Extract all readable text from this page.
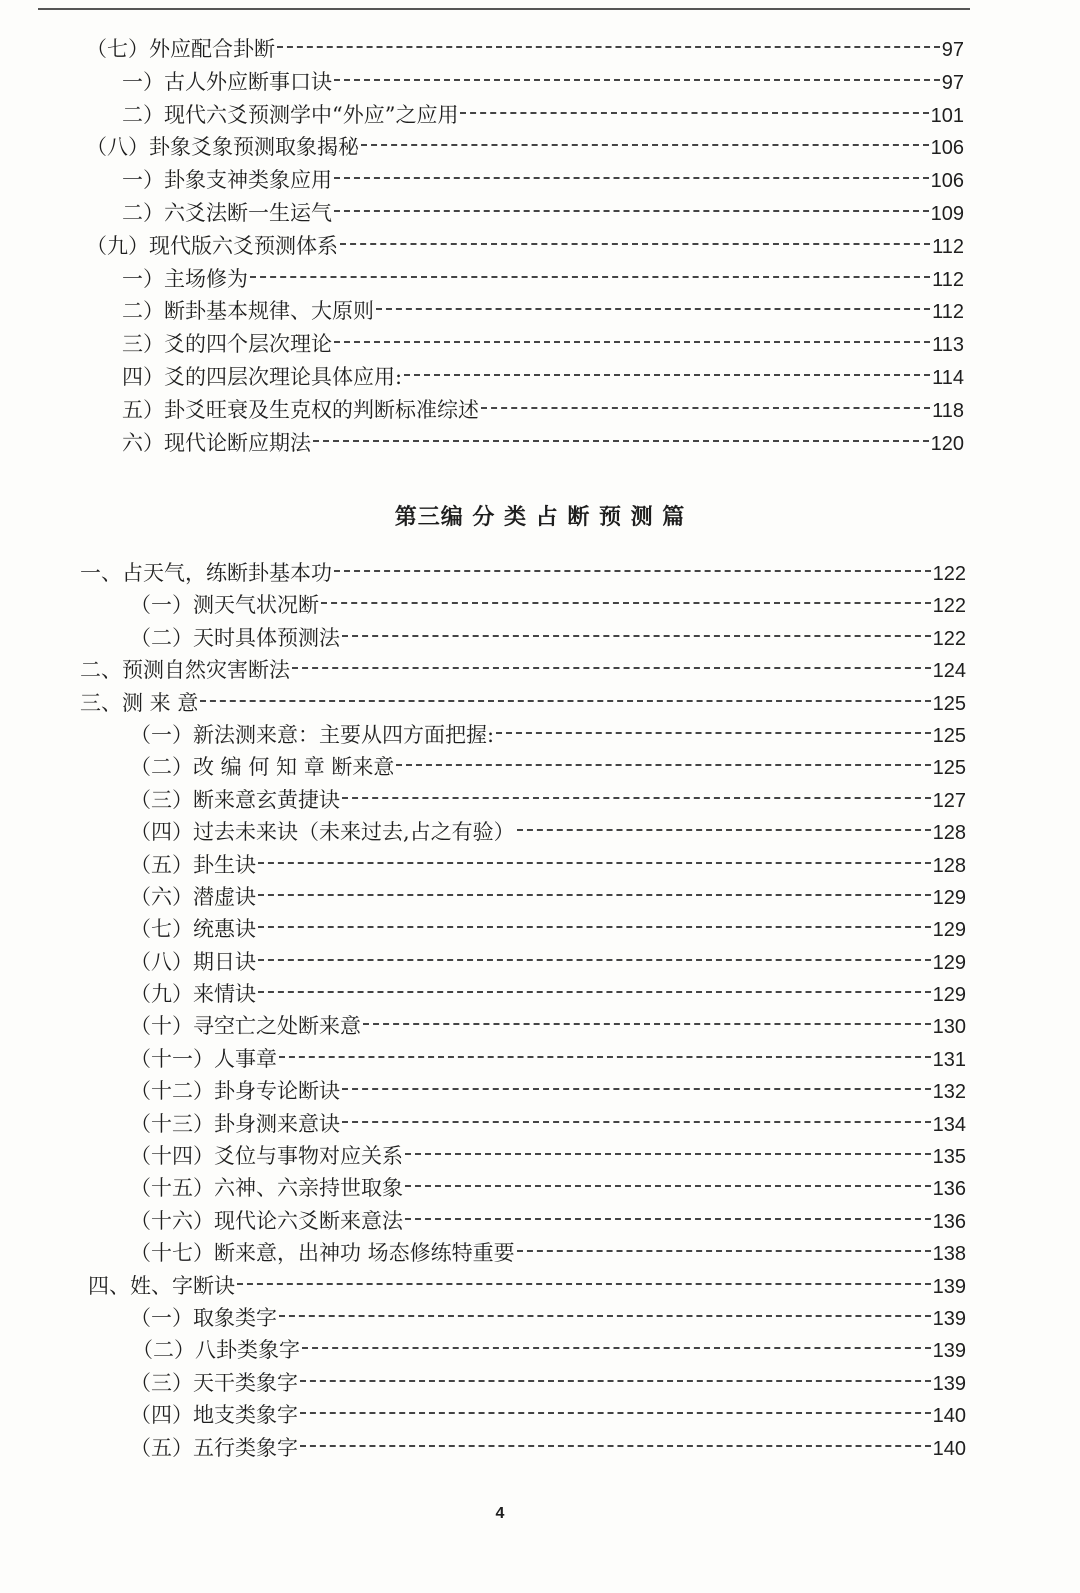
（七）外应配合卦断	97
一）古人外应断事口诀	97
二）现代六爻预测学中“外应”之应用	101
（八）卦象爻象预测取象揭秘	106
一）卦象支神类象应用	106
二）六爻法断一生运气	109
（九）现代版六爻预测体系	112
一）主场修为	112
二）断卦基本规律、大原则	112
三）爻的四个层次理论	113
四）爻的四层次理论具体应用:	114
五）卦爻旺衰及生克权的判断标准综述	118
六）现代论断应期法	120
第三编 分 类 占 断 预 测 篇
一、占天气，练断卦基本功	122
（一）测天气状况断	122
（二）天时具体预测法	122
二、预测自然灾害断法	124
三、测 来 意	125
（一）新法测来意：主要从四方面把握:	125
（二）改 编 何 知 章 断来意	125
（三）断来意玄黄捷诀	127
（四）过去未来诀（未来过去,占之有验）	128
（五）卦生诀	128
（六）潜虚诀	129
（七）统惠诀	129
（八）期日诀	129
（九）来情诀	129
（十）寻空亡之处断来意	130
（十一）人事章	131
（十二）卦身专论断诀	132
（十三）卦身测来意诀	134
（十四）爻位与事物对应关系	135
（十五）六神、六亲持世取象	136
（十六）现代论六爻断来意法	136
（十七）断来意，出神功 场态修练特重要	138
四、姓、字断诀	139
（一）取象类字	139
（二）八卦类象字	139
（三）天干类象字	139
（四）地支类象字	140
（五）五行类象字	140
4
